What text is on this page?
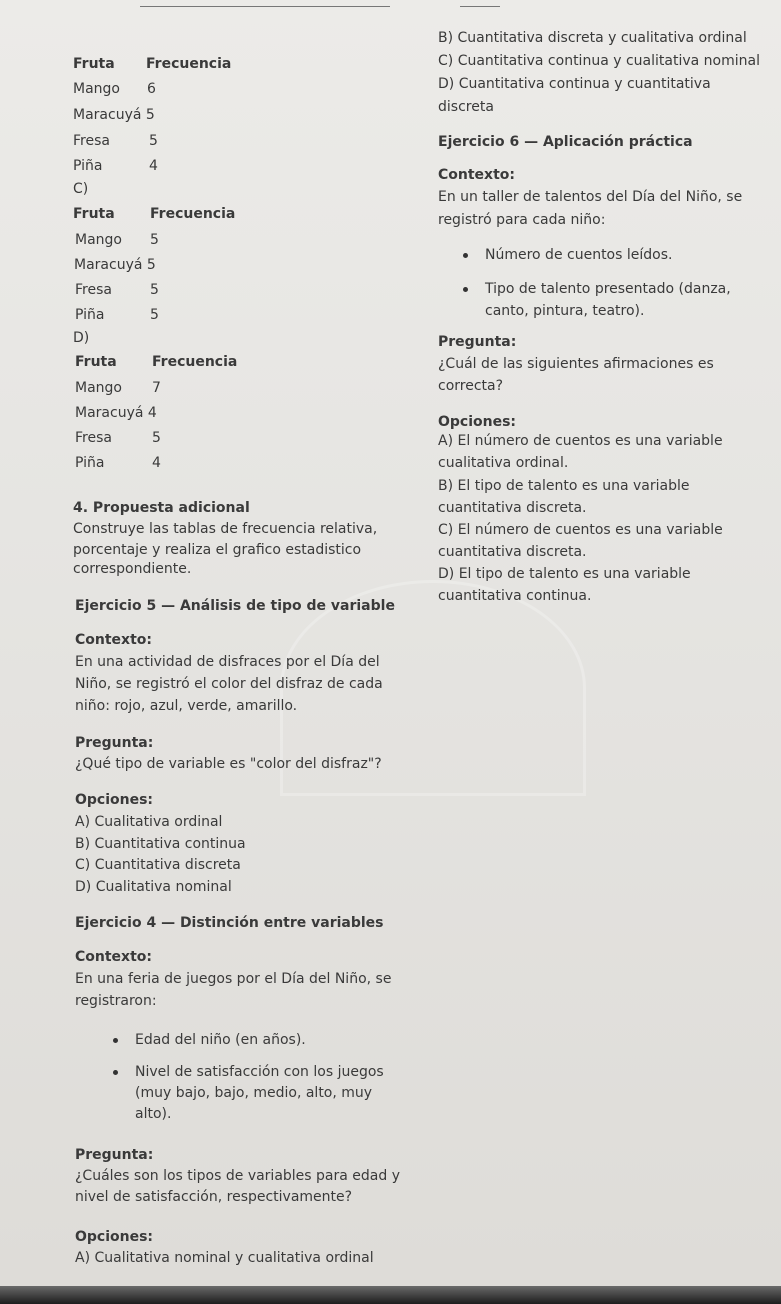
Fruta Frecuencia
Mango 6
Maracuyá 5
Fresa	5
Piña	4
C)
Fruta	Frecuencia
Mango 5
Maracuyá 5
Fresa	5
Piña	5
D)
Fruta	Frecuencia
Mango 7
Maracuyá 4
Fresa	5
Piña	4
4. Propuesta adicional
Construye las tablas de frecuencia relativa,
porcentaje y realiza el grafico estadistico
correspondiente.
Ejercicio 5 — Análisis de tipo de variable
Contexto:
En una actividad de disfraces por el Día del
Niño, se registró el color del disfraz de cada
niño: rojo, azul, verde, amarillo.
Pregunta:
¿Qué tipo de variable es "color del disfraz"?
Opciones:
A) Cualitativa ordinal
B) Cuantitativa continua
C) Cuantitativa discreta
D) Cualitativa nominal
Ejercicio 4 — Distinción entre variables
Contexto:
En una feria de juegos por el Día del Niño, se
registraron:
Edad del niño (en años).
Nivel de satisfacción con los juegos
(muy bajo, bajo, medio, alto, muy
alto).
Pregunta:
¿Cuáles son los tipos de variables para edad y
nivel de satisfacción, respectivamente?
Opciones:
A) Cualitativa nominal y cualitativa ordinal
B) Cuantitativa discreta y cualitativa ordinal
C) Cuantitativa continua y cualitativa nominal
D) Cuantitativa continua y cuantitativa
discreta
Ejercicio 6 — Aplicación práctica
Contexto:
En un taller de talentos del Día del Niño, se
registró para cada niño:
Número de cuentos leídos.
Tipo de talento presentado (danza,
canto, pintura, teatro).
Pregunta:
¿Cuál de las siguientes afirmaciones es
correcta?
Opciones:
A) El número de cuentos es una variable
cualitativa ordinal.
B) El tipo de talento es una variable
cuantitativa discreta.
C) El número de cuentos es una variable
cuantitativa discreta.
D) El tipo de talento es una variable
cuantitativa continua.
